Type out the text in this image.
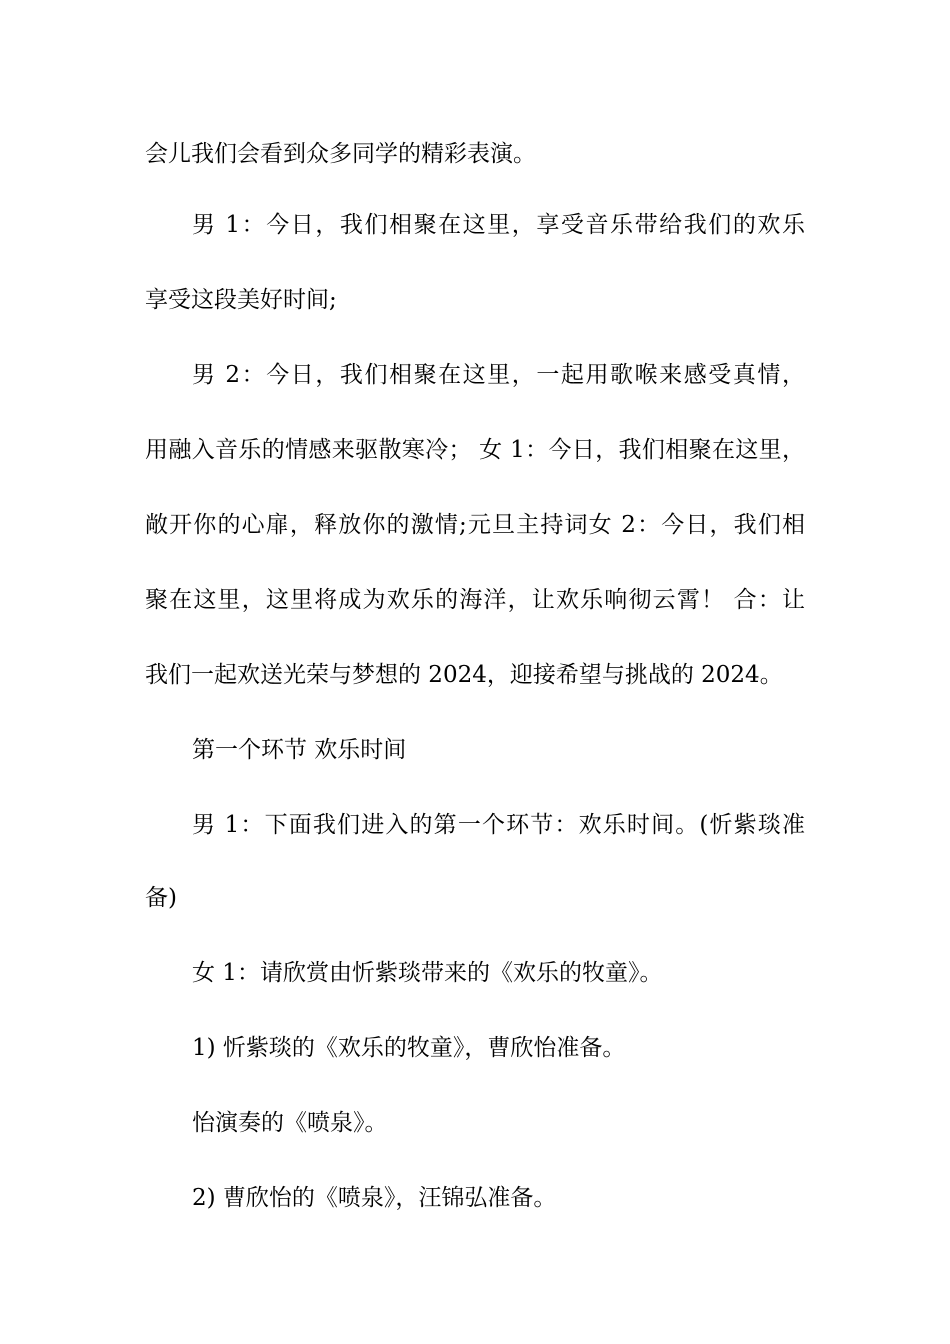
会儿我们会看到众多同学的精彩表演。
男 1：今日，我们相聚在这里，享受音乐带给我们的欢乐
享受这段美好时间;
男 2：今日，我们相聚在这里，一起用歌喉来感受真情，
用融入音乐的情感来驱散寒冷； 女 1：今日，我们相聚在这里，
敞开你的心扉，释放你的激情;元旦主持词女 2：今日，我们相
聚在这里，这里将成为欢乐的海洋，让欢乐响彻云霄！ 合：让
我们一起欢送光荣与梦想的 2024，迎接希望与挑战的 2024。
第一个环节 欢乐时间
男 1：下面我们进入的第一个环节：欢乐时间。(忻紫琰准
备)
女 1：请欣赏由忻紫琰带来的《欢乐的牧童》。
1) 忻紫琰的《欢乐的牧童》，曹欣怡准备。
怡演奏的《喷泉》。
2) 曹欣怡的《喷泉》，汪锦弘准备。
